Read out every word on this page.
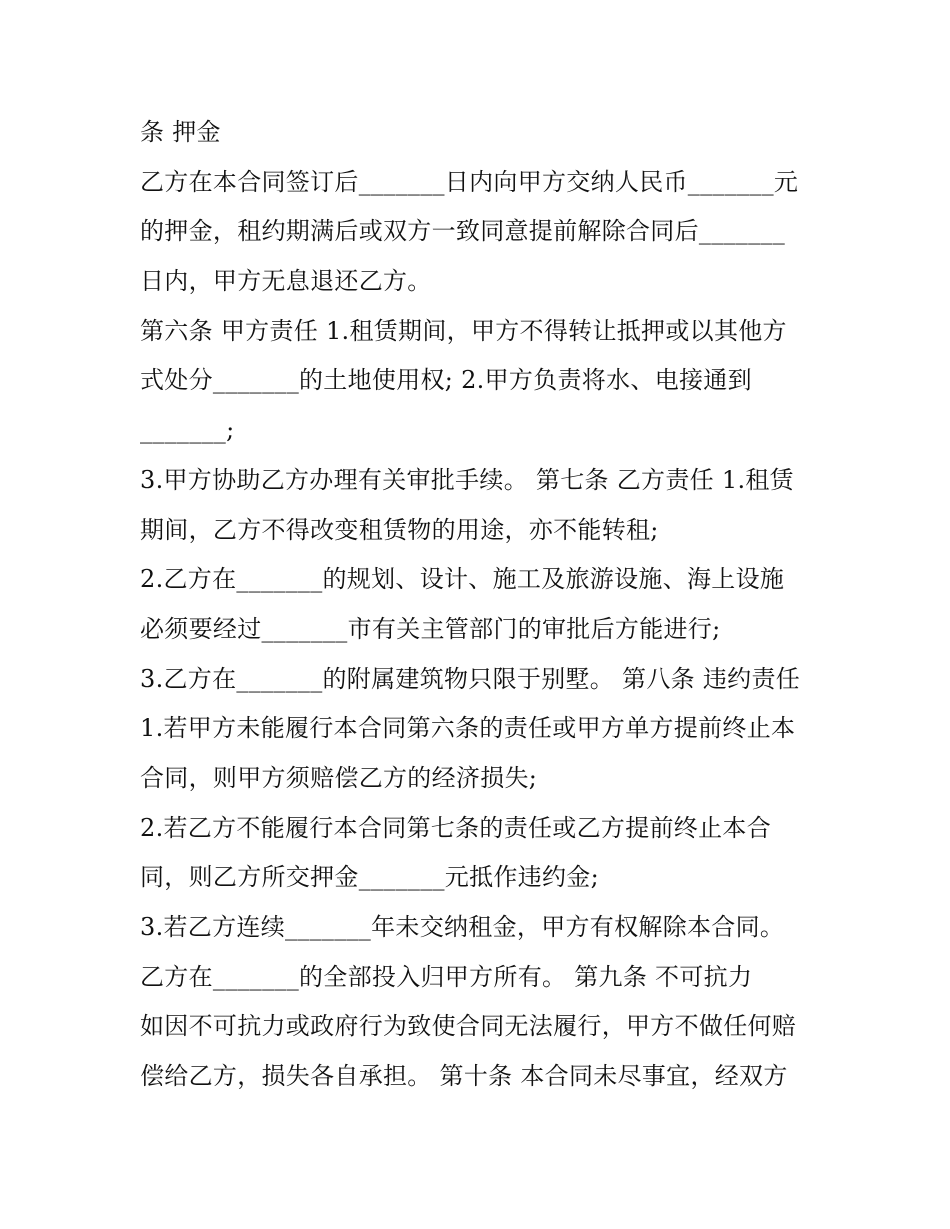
条 押金
乙方在本合同签订后_______日内向甲方交纳人民币_______元
的押金，租约期满后或双方一致同意提前解除合同后_______
日内，甲方无息退还乙方。
第六条 甲方责任 1.租赁期间，甲方不得转让抵押或以其他方
式处分_______的土地使用权; 2.甲方负责将水、电接通到
_______;
3.甲方协助乙方办理有关审批手续。 第七条 乙方责任 1.租赁
期间，乙方不得改变租赁物的用途，亦不能转租;
2.乙方在_______的规划、设计、施工及旅游设施、海上设施
必须要经过_______市有关主管部门的审批后方能进行;
3.乙方在_______的附属建筑物只限于别墅。 第八条 违约责任
1.若甲方未能履行本合同第六条的责任或甲方单方提前终止本
合同，则甲方须赔偿乙方的经济损失;
2.若乙方不能履行本合同第七条的责任或乙方提前终止本合
同，则乙方所交押金_______元抵作违约金;
3.若乙方连续_______年未交纳租金，甲方有权解除本合同。
乙方在_______的全部投入归甲方所有。 第九条 不可抗力
如因不可抗力或政府行为致使合同无法履行，甲方不做任何赔
偿给乙方，损失各自承担。 第十条 本合同未尽事宜，经双方
